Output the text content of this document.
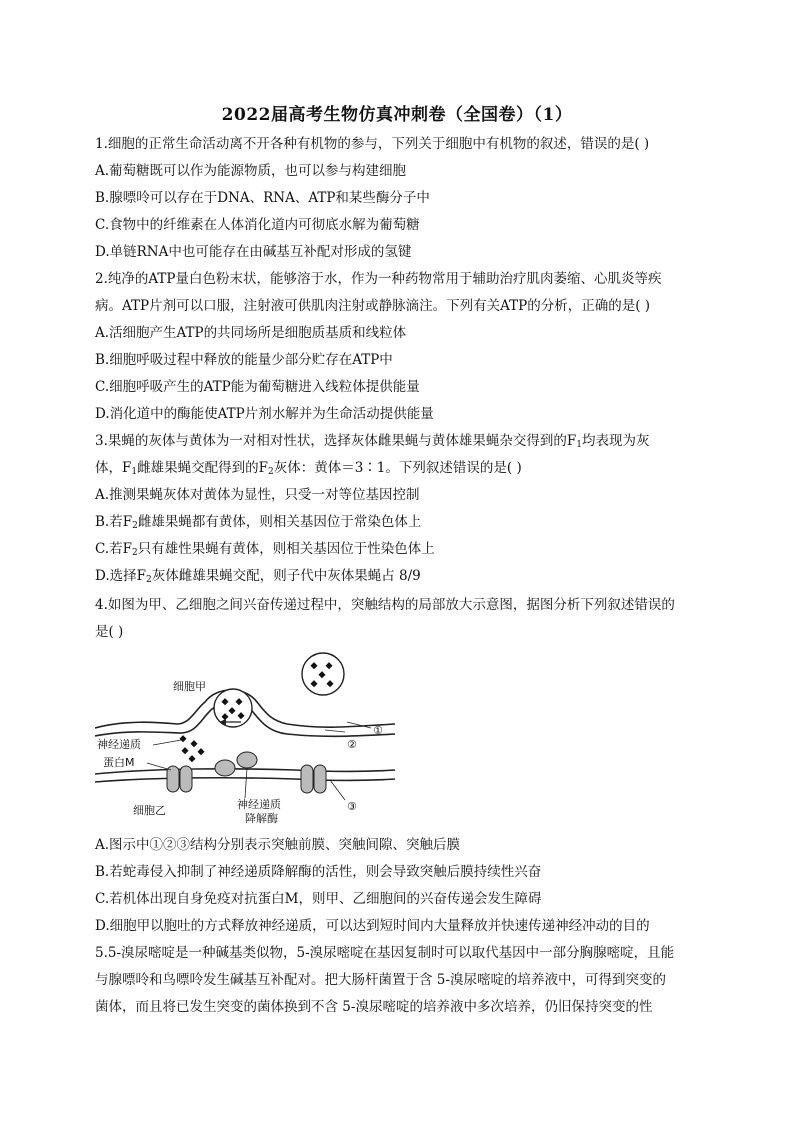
2022届高考生物仿真冲刺卷（全国卷）（1）
1.细胞的正常生命活动离不开各种有机物的参与，下列关于细胞中有机物的叙述，错误的是( )
A.葡萄糖既可以作为能源物质，也可以参与构建细胞
B.腺嘌呤可以存在于DNA、RNA、ATP和某些酶分子中
C.食物中的纤维素在人体消化道内可彻底水解为葡萄糖
D.单链RNA中也可能存在由碱基互补配对形成的氢键
2.纯净的ATP量白色粉末状，能够溶于水，作为一种药物常用于辅助治疗肌肉萎缩、心肌炎等疾
病。ATP片剂可以口服，注射液可供肌肉注射或静脉滴注。下列有关ATP的分析，正确的是( )
A.活细胞产生ATP的共同场所是细胞质基质和线粒体
B.细胞呼吸过程中释放的能量少部分贮存在ATP中
C.细胞呼吸产生的ATP能为葡萄糖进入线粒体提供能量
D.消化道中的酶能使ATP片剂水解并为生命活动提供能量
3.果蝇的灰体与黄体为一对相对性状，选择灰体雌果蝇与黄体雄果蝇杂交得到的$F_1$均表现为灰
体，$F_1$雌雄果蝇交配得到的$F_2$灰体：黄体＝3∶1。下列叙述错误的是( )
A.推测果蝇灰体对黄体为显性，只受一对等位基因控制
B.若$F_2$雌雄果蝇都有黄体，则相关基因位于常染色体上
C.若$F_2$只有雄性果蝇有黄体，则相关基因位于性染色体上
D.选择$F_2$灰体雌雄果蝇交配，则子代中灰体果蝇占 8/9
4.如图为甲、乙细胞之间兴奋传递过程中，突触结构的局部放大示意图，据图分析下列叙述错误的
是( )
细胞甲
神经递质
蛋白M
细胞乙	神经递质
降解酶
①
②
③
A.图示中①②③结构分别表示突触前膜、突触间隙、突触后膜
B.若蛇毒侵入抑制了神经递质降解酶的活性，则会导致突触后膜持续性兴奋
C.若机体出现自身免疫对抗蛋白M，则甲、乙细胞间的兴奋传递会发生障碍
D.细胞甲以胞吐的方式释放神经递质，可以达到短时间内大量释放并快速传递神经冲动的目的
5.5-溴尿嘧啶是一种碱基类似物，5-溴尿嘧啶在基因复制时可以取代基因中一部分胸腺嘧啶，且能
与腺嘌呤和鸟嘌呤发生碱基互补配对。把大肠杆菌置于含 5-溴尿嘧啶的培养液中，可得到突变的
菌体，而且将已发生突变的菌体换到不含 5-溴尿嘧啶的培养液中多次培养，仍旧保持突变的性
